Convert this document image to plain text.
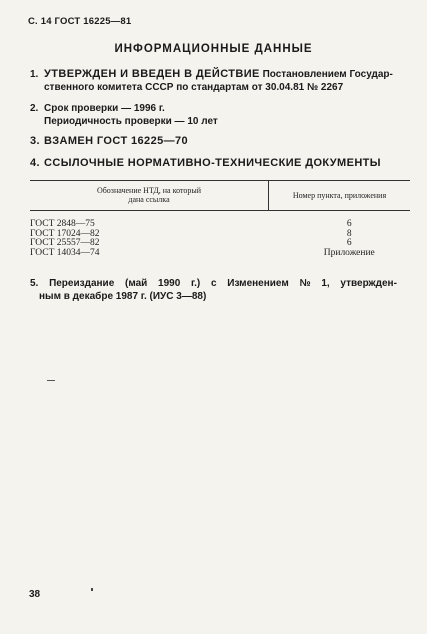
С. 14 ГОСТ 16225—81
ИНФОРМАЦИОННЫЕ ДАННЫЕ
1. УТВЕРЖДЕН И ВВЕДЕН В ДЕЙСТВИЕ Постановлением Государ-
ственного комитета СССР по стандартам от 30.04.81 № 2267
2. Срок проверки — 1996 г.
Периодичность проверки — 10 лет
3. ВЗАМЕН ГОСТ 16225—70
4. ССЫЛОЧНЫЕ НОРМАТИВНО-ТЕХНИЧЕСКИЕ ДОКУМЕНТЫ
Обозначение НТД, на который
дана ссылка	Номер пункта, приложения
ГОСТ 2848—75	6
ГОСТ 17024—82	8
ГОСТ 25557—82	6
ГОСТ 14034—74	Приложение
5. Переиздание (май 1990 г.) с Изменением № 1, утвержден-
ным в декабре 1987 г. (ИУС 3—88)
38
